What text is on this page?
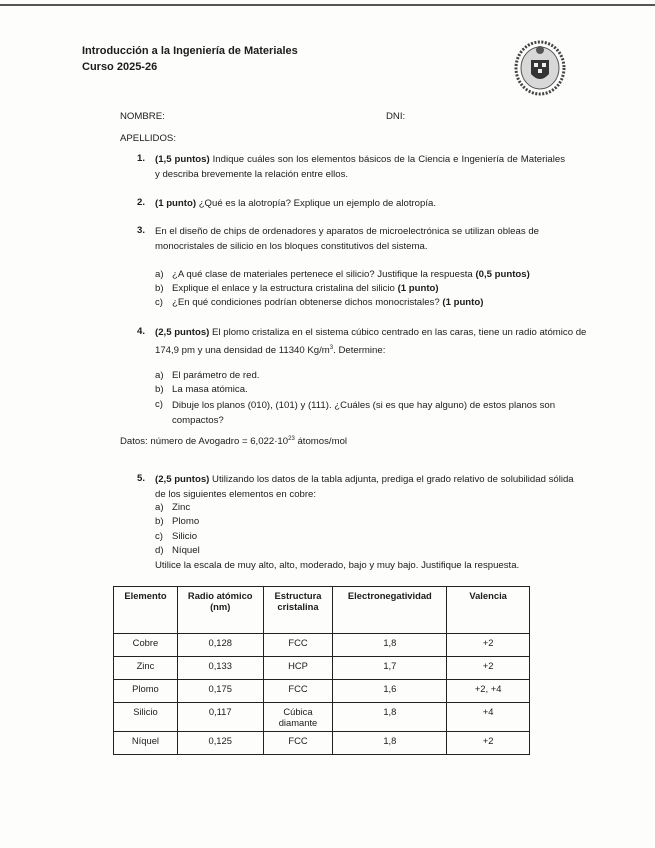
Introducción a la Ingeniería de Materiales
Curso 2025-26
NOMBRE:	DNI:
APELLIDOS:
1. (1,5 puntos) Indique cuáles son los elementos básicos de la Ciencia e Ingeniería de Materiales y describa brevemente la relación entre ellos.
2. (1 punto) ¿Qué es la alotropía? Explique un ejemplo de alotropía.
3. En el diseño de chips de ordenadores y aparatos de microelectrónica se utilizan obleas de monocristales de silicio en los bloques constitutivos del sistema.
a) ¿A qué clase de materiales pertenece el silicio? Justifique la respuesta (0,5 puntos)
b) Explique el enlace y la estructura cristalina del silicio (1 punto)
c) ¿En qué condiciones podrían obtenerse dichos monocristales? (1 punto)
4. (2,5 puntos) El plomo cristaliza en el sistema cúbico centrado en las caras, tiene un radio atómico de 174,9 pm y una densidad de 11340 $Kg/m^3$. Determine:
a) El parámetro de red.
b) La masa atómica.
c) Dibuje los planos (010), (101) y (111). ¿Cuáles (si es que hay alguno) de estos planos son compactos?
Datos: número de Avogadro = $6,022\cdot 10^{23}$ átomos/mol
5. (2,5 puntos) Utilizando los datos de la tabla adjunta, prediga el grado relativo de solubilidad sólida de los siguientes elementos en cobre:
a) Zinc
b) Plomo
c) Silicio
d) Níquel
Utilice la escala de muy alto, alto, moderado, bajo y muy bajo. Justifique la respuesta.
Elemento	Radio atómico (nm)	Estructura cristalina	Electronegatividad	Valencia
Cobre	0,128	FCC	1,8	+2
Zinc	0,133	HCP	1,7	+2
Plomo	0,175	FCC	1,6	+2, +4
Silicio	0,117	Cúbica diamante	1,8	+4
Níquel	0,125	FCC	1,8	+2
